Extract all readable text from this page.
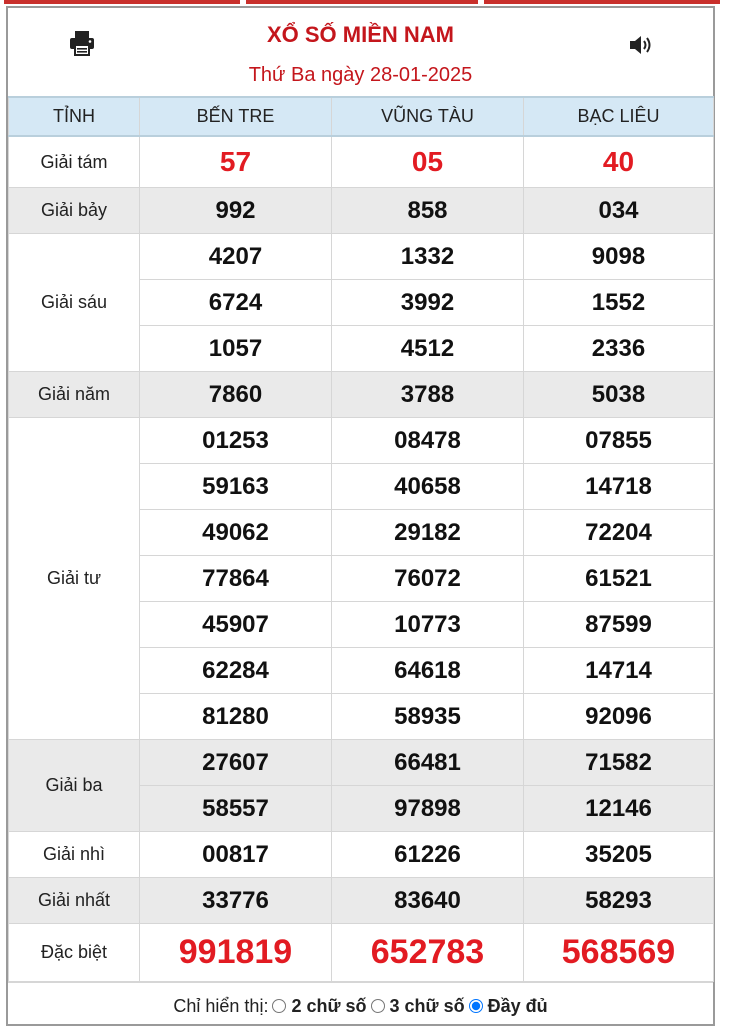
XỔ SỐ MIỀN NAM
Thứ Ba ngày 28-01-2025
TỈNH	BẾN TRE	VŨNG TÀU	BẠC LIÊU
Giải tám	57	05	40
Giải bảy	992	858	034
Giải sáu	4207	1332	9098
	6724	3992	1552
	1057	4512	2336
Giải năm	7860	3788	5038
Giải tư	01253	08478	07855
	59163	40658	14718
	49062	29182	72204
	77864	76072	61521
	45907	10773	87599
	62284	64618	14714
	81280	58935	92096
Giải ba	27607	66481	71582
	58557	97898	12146
Giải nhì	00817	61226	35205
Giải nhất	33776	83640	58293
Đặc biệt	991819	652783	568569
Chỉ hiển thị: 2 chữ số 3 chữ số Đầy đủ
